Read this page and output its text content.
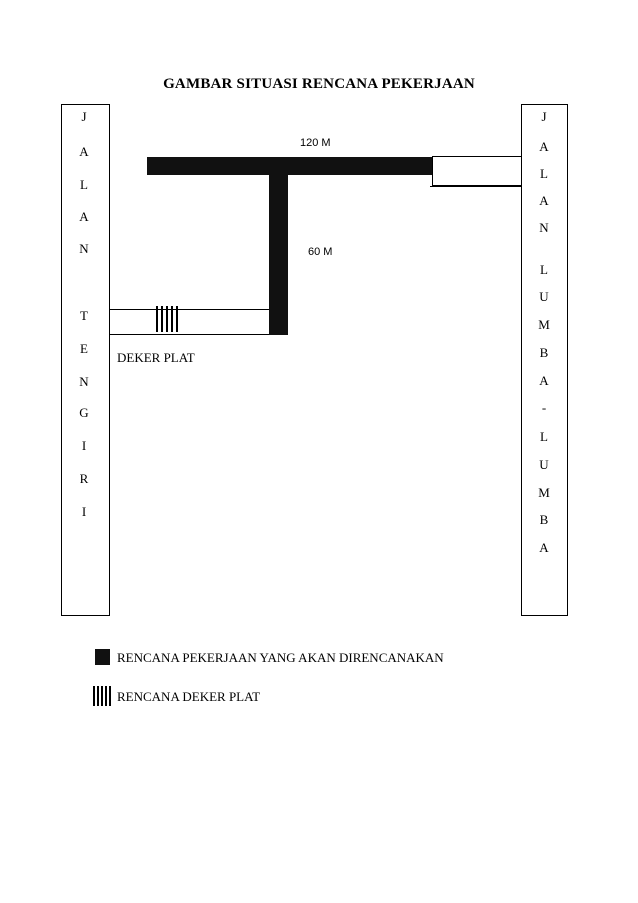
GAMBAR SITUASI RENCANA PEKERJAAN
J
A
L
A
N
T
E
N
G
I
R
I
J
A
L
A
N
L
U
M
B
A
-
L
U
M
B
A
120 M
60 M
DEKER PLAT
RENCANA PEKERJAAN YANG AKAN DIRENCANAKAN
RENCANA DEKER PLAT
